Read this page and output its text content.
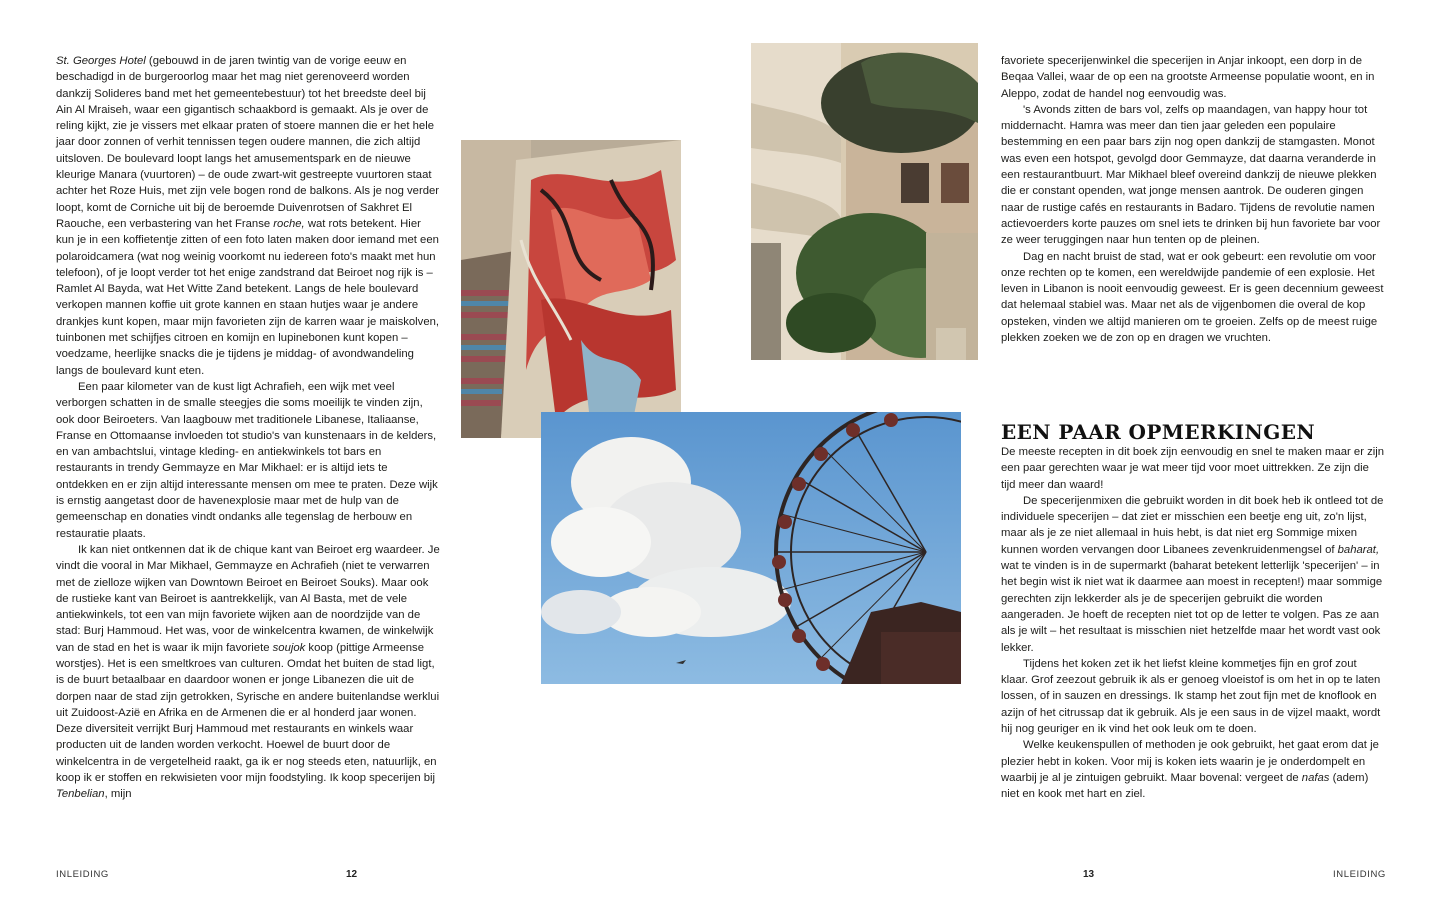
St. Georges Hotel (gebouwd in de jaren twintig van de vorige eeuw en beschadigd in de burgeroorlog maar het mag niet gerenoveerd worden dankzij Solideres band met het gemeentebestuur) tot het breedste deel bij Ain Al Mraiseh, waar een gigantisch schaakbord is gemaakt. Als je over de reling kijkt, zie je vissers met elkaar praten of stoere mannen die er het hele jaar door zonnen of verhit tennissen tegen oudere mannen, die zich altijd uitsloven. De boulevard loopt langs het amusementspark en de nieuwe kleurige Manara (vuurtoren) – de oude zwart-wit gestreepte vuurtoren staat achter het Roze Huis, met zijn vele bogen rond de balkons. Als je nog verder loopt, komt de Corniche uit bij de beroemde Duivenrotsen of Sakhret El Raouche, een verbastering van het Franse roche, wat rots betekent. Hier kun je in een koffietentje zitten of een foto laten maken door iemand met een polaroidcamera (wat nog weinig voorkomt nu iedereen foto's maakt met hun telefoon), of je loopt verder tot het enige zandstrand dat Beiroet nog rijk is – Ramlet Al Bayda, wat Het Witte Zand betekent. Langs de hele boulevard verkopen mannen koffie uit grote kannen en staan hutjes waar je andere drankjes kunt kopen, maar mijn favorieten zijn de karren waar je maiskolven, tuinbonen met schijfjes citroen en komijn en lupinebonen kunt kopen – voedzame, heerlijke snacks die je tijdens je middag- of avondwandeling langs de boulevard kunt eten.

Een paar kilometer van de kust ligt Achrafieh, een wijk met veel verborgen schatten in de smalle steegjes die soms moeilijk te vinden zijn, ook door Beiroeters. Van laagbouw met traditionele Libanese, Italiaanse, Franse en Ottomaanse invloeden tot studio's van kunstenaars in de kelders, en van ambachtslui, vintage kleding- en antiekwinkels tot bars en restaurants in trendy Gemmayze en Mar Mikhael: er is altijd iets te ontdekken en er zijn altijd interessante mensen om mee te praten. Deze wijk is ernstig aangetast door de havenexplosie maar met de hulp van de gemeenschap en donaties vindt ondanks alle tegenslag de herbouw en restauratie plaats.

Ik kan niet ontkennen dat ik de chique kant van Beiroet erg waardeer. Je vindt die vooral in Mar Mikhael, Gemmayze en Achrafieh (niet te verwarren met de zielloze wijken van Downtown Beiroet en Beiroet Souks). Maar ook de rustieke kant van Beiroet is aantrekkelijk, van Al Basta, met de vele antiekwinkels, tot een van mijn favoriete wijken aan de noordzijde van de stad: Burj Hammoud. Het was, voor de winkelcentra kwamen, de winkelwijk van de stad en het is waar ik mijn favoriete soujok koop (pittige Armeense worstjes). Het is een smeltkroes van culturen. Omdat het buiten de stad ligt, is de buurt betaalbaar en daardoor wonen er jonge Libanezen die uit de dorpen naar de stad zijn getrokken, Syrische en andere buitenlandse werklui uit Zuidoost-Azië en Afrika en de Armenen die er al honderd jaar wonen. Deze diversiteit verrijkt Burj Hammoud met restaurants en winkels waar producten uit de landen worden verkocht. Hoewel de buurt door de winkelcentra in de vergetelheid raakt, ga ik er nog steeds eten, natuurlijk, en koop ik er stoffen en rekwisieten voor mijn foodstyling. Ik koop specerijen bij Tenbelian, mijn

favoriete specerijenwinkel die specerijen in Anjar inkoopt, een dorp in de Beqaa Vallei, waar de op een na grootste Armeense populatie woont, en in Aleppo, zodat de handel nog eenvoudig was.

's Avonds zitten de bars vol, zelfs op maandagen, van happy hour tot middernacht. Hamra was meer dan tien jaar geleden een populaire bestemming en een paar bars zijn nog open dankzij de stamgasten. Monot was even een hotspot, gevolgd door Gemmayze, dat daarna veranderde in een restaurantbuurt. Mar Mikhael bleef overeind dankzij de nieuwe plekken die er constant openden, wat jonge mensen aantrok. De ouderen gingen naar de rustige cafés en restaurants in Badaro. Tijdens de revolutie namen actievoerders korte pauzes om snel iets te drinken bij hun favoriete bar voor ze weer teruggingen naar hun tenten op de pleinen.

Dag en nacht bruist de stad, wat er ook gebeurt: een revolutie om voor onze rechten op te komen, een wereldwijde pandemie of een explosie. Het leven in Libanon is nooit eenvoudig geweest. Er is geen decennium geweest dat helemaal stabiel was. Maar net als de vijgenbomen die overal de kop opsteken, vinden we altijd manieren om te groeien. Zelfs op de meest ruige plekken zoeken we de zon op en dragen we vruchten.

EEN PAAR OPMERKINGEN

De meeste recepten in dit boek zijn eenvoudig en snel te maken maar er zijn een paar gerechten waar je wat meer tijd voor moet uittrekken. Ze zijn die tijd meer dan waard!

De specerijenmixen die gebruikt worden in dit boek heb ik ontleed tot de individuele specerijen – dat ziet er misschien een beetje eng uit, zo'n lijst, maar als je ze niet allemaal in huis hebt, is dat niet erg Sommige mixen kunnen worden vervangen door Libanees zevenkruidenmengsel of baharat, wat te vinden is in de supermarkt (baharat betekent letterlijk 'specerijen' – in het begin wist ik niet wat ik daarmee aan moest in recepten!) maar sommige gerechten zijn lekkerder als je de specerijen gebruikt die worden aangeraden. Je hoeft de recepten niet tot op de letter te volgen. Pas ze aan als je wilt – het resultaat is misschien niet hetzelfde maar het wordt vast ook lekker.

Tijdens het koken zet ik het liefst kleine kommetjes fijn en grof zout klaar. Grof zeezout gebruik ik als er genoeg vloeistof is om het in op te laten lossen, of in sauzen en dressings. Ik stamp het zout fijn met de knoflook en azijn of het citrussap dat ik gebruik. Als je een saus in de vijzel maakt, wordt hij nog geuriger en ik vind het ook leuk om te doen.

Welke keukenspullen of methoden je ook gebruikt, het gaat erom dat je plezier hebt in koken. Voor mij is koken iets waarin je je onderdompelt en waarbij je al je zintuigen gebruikt. Maar bovenal: vergeet de nafas (adem) niet en kook met hart en ziel.

INLEIDING	12	13	INLEIDING
